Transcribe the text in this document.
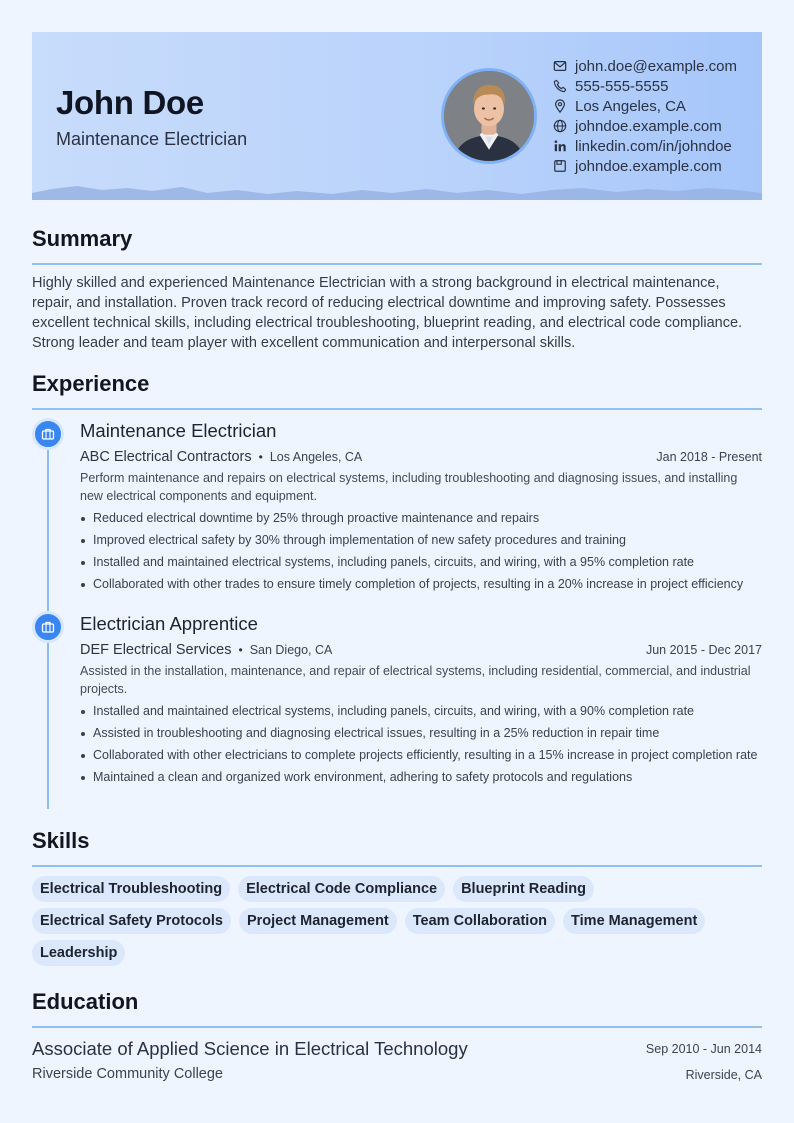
John Doe
Maintenance Electrician
john.doe@example.com
555-555-5555
Los Angeles, CA
johndoe.example.com
linkedin.com/in/johndoe
johndoe.example.com
Summary
Highly skilled and experienced Maintenance Electrician with a strong background in electrical maintenance, repair, and installation. Proven track record of reducing electrical downtime and improving safety. Possesses excellent technical skills, including electrical troubleshooting, blueprint reading, and electrical code compliance. Strong leader and team player with excellent communication and interpersonal skills.
Experience
Maintenance Electrician
ABC Electrical Contractors • Los Angeles, CA	Jan 2018 - Present
Perform maintenance and repairs on electrical systems, including troubleshooting and diagnosing issues, and installing new electrical components and equipment.
Reduced electrical downtime by 25% through proactive maintenance and repairs
Improved electrical safety by 30% through implementation of new safety procedures and training
Installed and maintained electrical systems, including panels, circuits, and wiring, with a 95% completion rate
Collaborated with other trades to ensure timely completion of projects, resulting in a 20% increase in project efficiency
Electrician Apprentice
DEF Electrical Services • San Diego, CA	Jun 2015 - Dec 2017
Assisted in the installation, maintenance, and repair of electrical systems, including residential, commercial, and industrial projects.
Installed and maintained electrical systems, including panels, circuits, and wiring, with a 90% completion rate
Assisted in troubleshooting and diagnosing electrical issues, resulting in a 25% reduction in repair time
Collaborated with other electricians to complete projects efficiently, resulting in a 15% increase in project completion rate
Maintained a clean and organized work environment, adhering to safety protocols and regulations
Skills
Electrical Troubleshooting	Electrical Code Compliance	Blueprint Reading
Electrical Safety Protocols	Project Management	Team Collaboration	Time Management
Leadership
Education
Associate of Applied Science in Electrical Technology	Sep 2010 - Jun 2014
Riverside Community College	Riverside, CA
